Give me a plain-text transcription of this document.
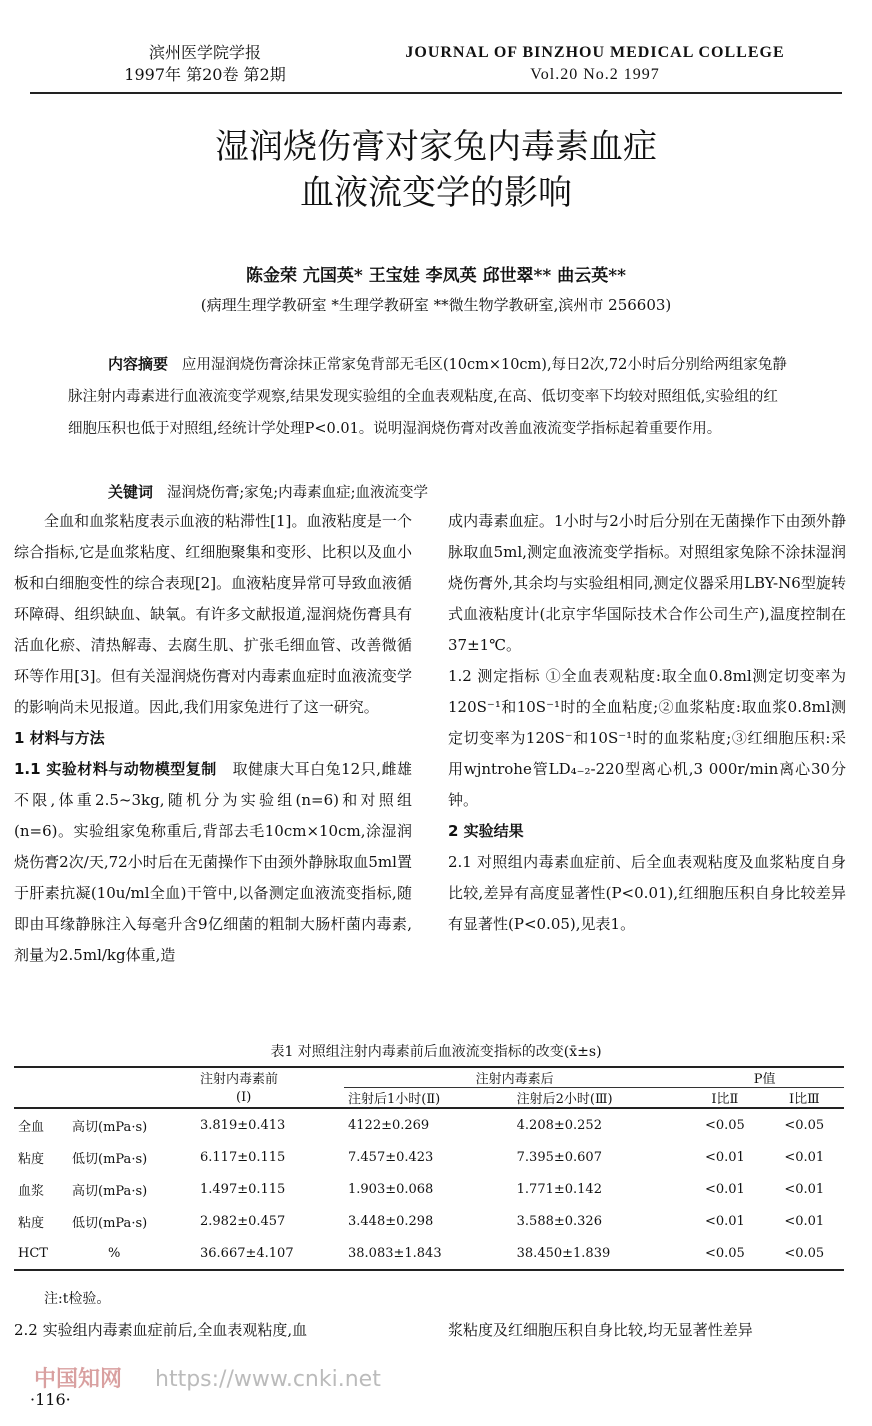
滨州医学院学报
1997年 第20卷 第2期
JOURNAL OF BINZHOU MEDICAL COLLEGE
Vol.20 No.2 1997
湿润烧伤膏对家兔内毒素血症
血液流变学的影响
陈金荣 亢国英* 王宝娃 李凤英 邱世翠** 曲云英**
(病理生理学教研室 *生理学教研室 **微生物学教研室,滨州市 256603)
内容摘要 应用湿润烧伤膏涂抹正常家兔背部无毛区(10cm×10cm),每日2次,72小时后分别给两组家兔静脉注射内毒素进行血液流变学观察,结果发现实验组的全血表观粘度,在高、低切变率下均较对照组低,实验组的红细胞压积也低于对照组,经统计学处理P<0.01。说明湿润烧伤膏对改善血液流变学指标起着重要作用。
关键词 湿润烧伤膏;家兔;内毒素血症;血液流变学

全血和血浆粘度表示血液的粘滞性[1]。血液粘度是一个综合指标,它是血浆粘度、红细胞聚集和变形、比积以及血小板和白细胞变性的综合表现[2]。血液粘度异常可导致血液循环障碍、组织缺血、缺氧。有许多文献报道,湿润烧伤膏具有活血化瘀、清热解毒、去腐生肌、扩张毛细血管、改善微循环等作用[3]。但有关湿润烧伤膏对内毒素血症时血液流变学的影响尚未见报道。因此,我们用家兔进行了这一研究。

1 材料与方法

1.1 实验材料与动物模型复制 取健康大耳白兔12只,雌雄不限,体重2.5~3kg,随机分为实验组(n=6)和对照组(n=6)。实验组家兔称重后,背部去毛10cm×10cm,涂湿润烧伤膏2次/天,72小时后在无菌操作下由颈外静脉取血5ml置于肝素抗凝(10u/ml全血)干管中,以备测定血液流变指标,随即由耳缘静脉注入每毫升含9亿细菌的粗制大肠杆菌内毒素,剂量为2.5ml/kg体重,造

成内毒素血症。1小时与2小时后分别在无菌操作下由颈外静脉取血5ml,测定血液流变学指标。对照组家兔除不涂抹湿润烧伤膏外,其余均与实验组相同,测定仪器采用LBY-N6型旋转式血液粘度计(北京宇华国际技术合作公司生产),温度控制在37±1℃。

1.2 测定指标 ①全血表观粘度:取全血0.8ml测定切变率为120S⁻¹和10S⁻¹时的全血粘度;②血浆粘度:取血浆0.8ml测定切变率为120S⁻和10S⁻¹时的血浆粘度;③红细胞压积:采用wjntrohe管LD₄₋₂-220型离心机,3 000r/min离心30分钟。

2 实验结果

2.1 对照组内毒素血症前、后全血表观粘度及血浆粘度自身比较,差异有高度显著性(P<0.01),红细胞压积自身比较差异有显著性(P<0.05),见表1。

表1 对照组注射内毒素前后血液流变指标的改变(x̄±s)
		注射内毒素前	注射内毒素后		P值	
		(Ⅰ)	注射后1小时(Ⅱ)	注射后2小时(Ⅲ)	Ⅰ比Ⅱ	Ⅰ比Ⅲ
全血	高切(mPa·s)	3.819±0.413	4122±0.269	4.208±0.252	<0.05	<0.05
粘度	低切(mPa·s)	6.117±0.115	7.457±0.423	7.395±0.607	<0.01	<0.01
血浆	高切(mPa·s)	1.497±0.115	1.903±0.068	1.771±0.142	<0.01	<0.01
粘度	低切(mPa·s)	2.982±0.457	3.448±0.298	3.588±0.326	<0.01	<0.01
HCT	%	36.667±4.107	38.083±1.843	38.450±1.839	<0.05	<0.05
注:t检验。
2.2 实验组内毒素血症前后,全血表观粘度,血	浆粘度及红细胞压积自身比较,均无显著性差异
中国知网 https://www.cnki.net
·116·
